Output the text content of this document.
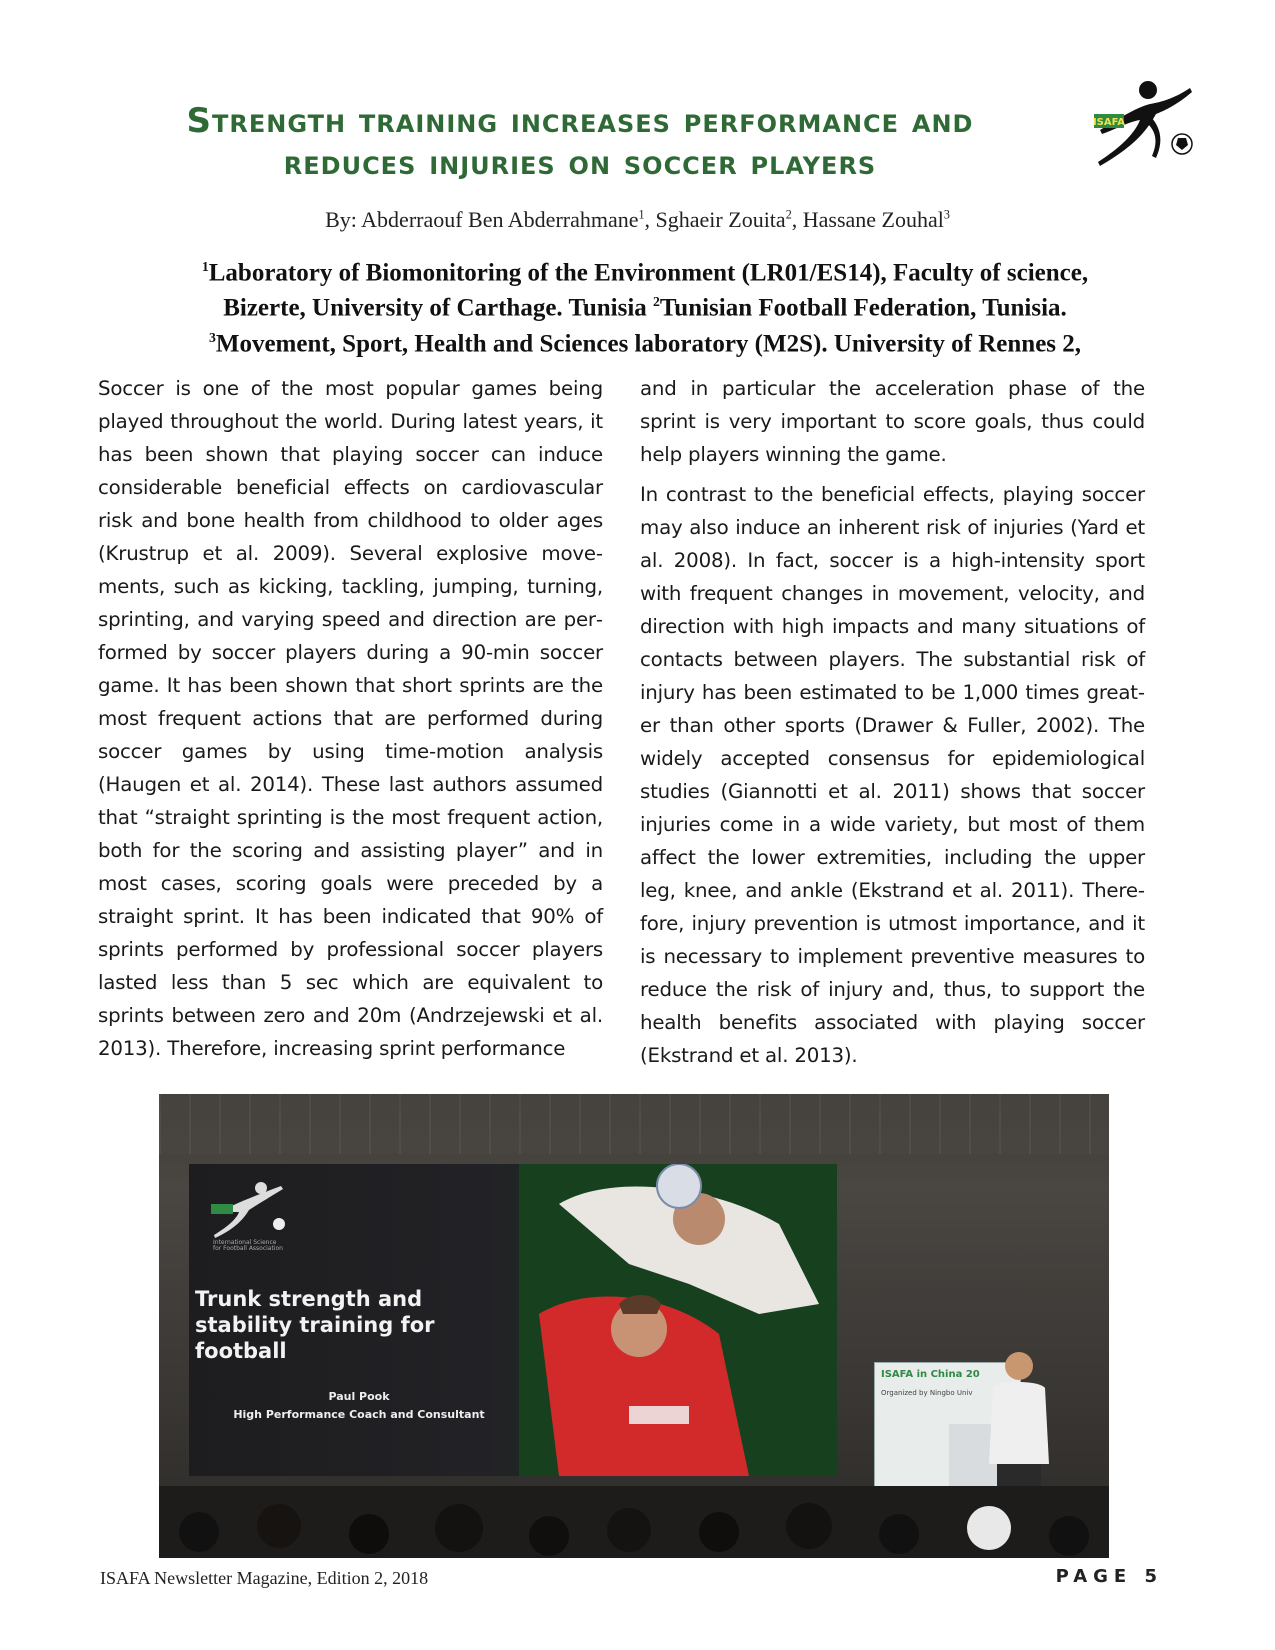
Strength training increases performance and
reduces injuries on soccer players
ISAFA
By: Abderraouf Ben Abderrahmane$^1$, Sghaeir Zouita$^2$, Hassane Zouhal$^3$
$^1$Laboratory of Biomonitoring of the Environment (LR01/ES14), Faculty of science,
Bizerte, University of Carthage. Tunisia $^2$Tunisian Football Federation, Tunisia.
$^3$Movement, Sport, Health and Sciences laboratory (M2S). University of Rennes 2,

Soccer is one of the most popular games being played throughout the world. During latest years, it has been shown that playing soccer can induce considerable beneficial effects on cardiovascular risk and bone health from childhood to older ages (Krustrup et al. 2009). Several explosive movements, such as kicking, tackling, jumping, turning, sprinting, and varying speed and direction are performed by soccer players during a 90-min soccer game. It has been shown that short sprints are the most frequent actions that are performed during soccer games by using time-motion analysis (Haugen et al. 2014). These last authors assumed that “straight sprinting is the most frequent action, both for the scoring and assisting player” and in most cases, scoring goals were preceded by a straight sprint. It has been indicated that 90% of sprints performed by professional soccer players lasted less than 5 sec which are equivalent to sprints between zero and 20m (Andrzejewski et al. 2013). Therefore, increasing sprint performance

and in particular the acceleration phase of the sprint is very important to score goals, thus could help players winning the game.

In contrast to the beneficial effects, playing soccer may also induce an inherent risk of injuries (Yard et al. 2008). In fact, soccer is a high-intensity sport with frequent changes in movement, velocity, and direction with high impacts and many situations of contacts between players. The substantial risk of injury has been estimated to be 1,000 times greater than other sports (Drawer & Fuller, 2002). The widely accepted consensus for epidemiological studies (Giannotti et al. 2011) shows that soccer injuries come in a wide variety, but most of them affect the lower extremities, including the upper leg, knee, and ankle (Ekstrand et al. 2011). Therefore, injury prevention is utmost importance, and it is necessary to implement preventive measures to reduce the risk of injury and, thus, to support the health benefits associated with playing soccer (Ekstrand et al. 2013).

International Science
for Football Association
Trunk strength and
stability training for football
Paul Pook
High Performance Coach and Consultant
ISAFA in China 20
Organized by Ningbo Univ
ISAFA Newsletter Magazine, Edition 2, 2018	PAGE 5
